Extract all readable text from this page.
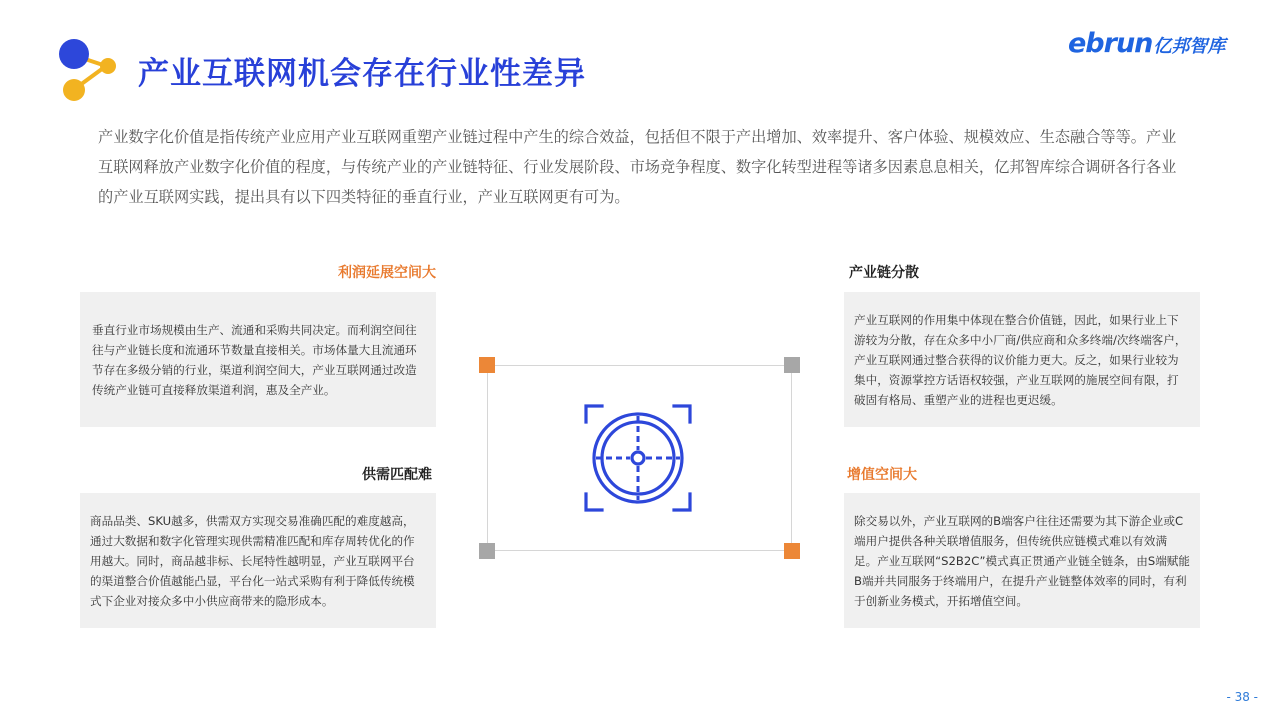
产业互联网机会存在行业性差异
ebrun 亿邦智库

产业数字化价值是指传统产业应用产业互联网重塑产业链过程中产生的综合效益，包括但不限于产出增加、效率提升、客户体验、规模效应、生态融合等等。产业互联网释放产业数字化价值的程度，与传统产业的产业链特征、行业发展阶段、市场竞争程度、数字化转型进程等诸多因素息息相关，亿邦智库综合调研各行各业的产业互联网实践，提出具有以下四类特征的垂直行业，产业互联网更有可为。

利润延展空间大
垂直行业市场规模由生产、流通和采购共同决定。而利润空间往往与产业链长度和流通环节数量直接相关。市场体量大且流通环节存在多级分销的行业，渠道利润空间大，产业互联网通过改造传统产业链可直接释放渠道利润，惠及全产业。
产业链分散
产业互联网的作用集中体现在整合价值链，因此，如果行业上下游较为分散，存在众多中小厂商/供应商和众多终端/次终端客户，产业互联网通过整合获得的议价能力更大。反之，如果行业较为集中，资源掌控方话语权较强，产业互联网的施展空间有限，打破固有格局、重塑产业的进程也更迟缓。
供需匹配难
商品品类、SKU越多，供需双方实现交易准确匹配的难度越高，通过大数据和数字化管理实现供需精准匹配和库存周转优化的作用越大。同时，商品越非标、长尾特性越明显，产业互联网平台的渠道整合价值越能凸显，平台化一站式采购有利于降低传统模式下企业对接众多中小供应商带来的隐形成本。
增值空间大
除交易以外，产业互联网的B端客户往往还需要为其下游企业或C端用户提供各种关联增值服务，但传统供应链模式难以有效满足。产业互联网“S2B2C”模式真正贯通产业链全链条，由S端赋能B端并共同服务于终端用户，在提升产业链整体效率的同时，有利于创新业务模式，开拓增值空间。
- 38 -
